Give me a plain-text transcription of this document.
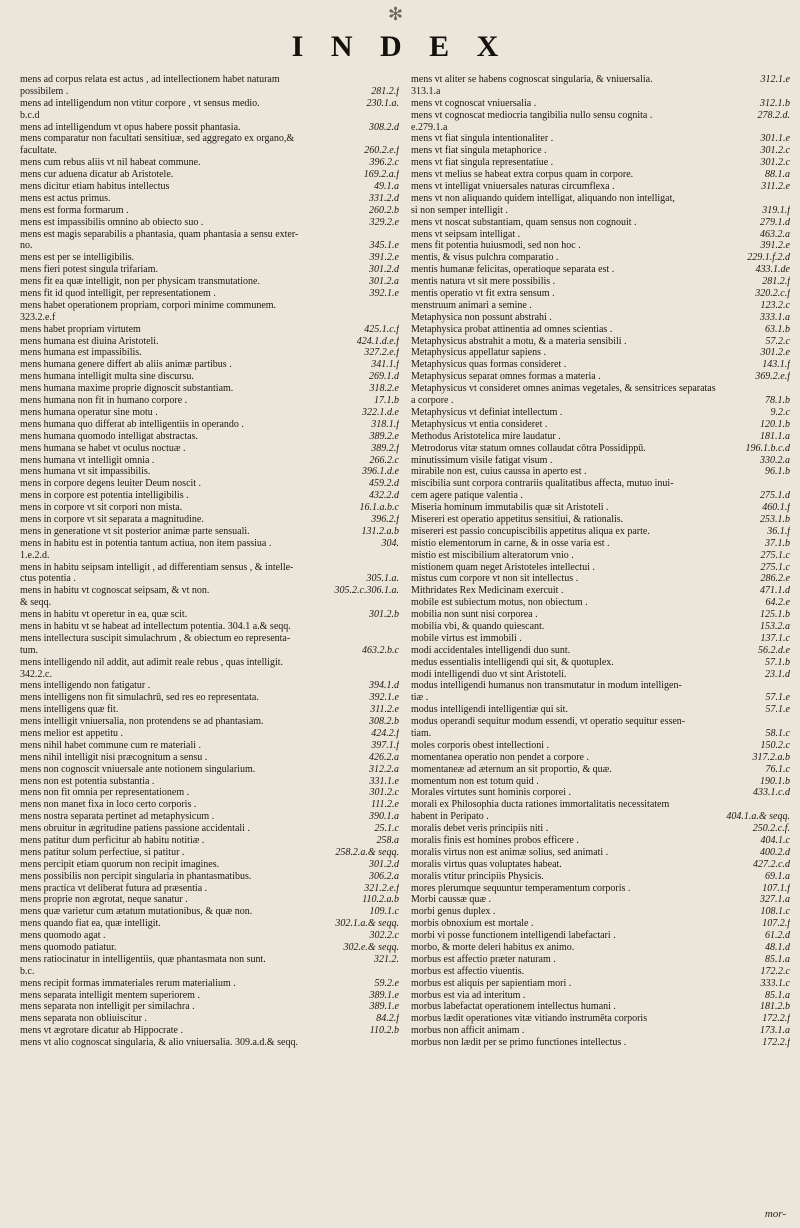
✻
I N D E X
mens ad corpus relata est actus , ad intellectionem habet naturam
possibilem .	281.2.f
mens ad intelligendum non vtitur corpore , vt sensus medio.	230.1.a.
b.c.d
mens ad intelligendum vt opus habere possit phantasia.	308.2.d
mens comparatur non facultati sensitiuæ, sed aggregato ex organo,&
facultate.	260.2.e.f
mens cum rebus aliis vt nil habeat commune.	396.2.c
mens cur aduena dicatur ab Aristotele.	169.2.a.f
mens dicitur etiam habitus intellectus	49.1.a
mens est actus primus.	331.2.d
mens est forma formarum .	260.2.b
mens est impassibilis omnino ab obiecto suo .	329.2.e
mens est magis separabilis a phantasia, quam phantasia a sensu exter-
no.	345.1.e
mens est per se intelligibilis.	391.2.e
mens fieri potest singula trifariam.	301.2.d
mens fit ea quæ intelligit, non per physicam transmutatione.	301.2.a
mens fit id quod intelligit, per representationem .	392.1.e
mens habet operationem propriam, corpori minime communem.
323.2.e.f
mens habet propriam virtutem	425.1.c.f
mens humana est diuina Aristoteli.	424.1.d.e.f
mens humana est impassibilis.	327.2.e.f
mens humana genere differt ab aliis animæ partibus .	341.1.f
mens humana intelligit multa sine discursu.	269.1.d
mens humana maxime proprie dignoscit substantiam.	318.2.e
mens humana non fit in humano corpore .	17.1.b
mens humana operatur sine motu .	322.1.d.e
mens humana quo differat ab intelligentiis in operando .	318.1.f
mens humana quomodo intelligat abstractas.	389.2.e
mens humana se habet vt oculus noctuæ .	389.2.f
mens humana vt intelligit omnia .	266.2.c
mens humana vt sit impassibilis.	396.1.d.e
mens in corpore degens leuiter Deum noscit .	459.2.d
mens in corpore est potentia intelligibilis .	432.2.d
mens in corpore vt sit corpori non mista.	16.1.a.b.c
mens in corpore vt sit separata a magnitudine.	396.2.f
mens in generatione vt sit posterior animæ parte sensuali.	131.2.a.b
mens in habitu est in potentia tantum actiua, non item passiua .	304.
1.e.2.d.
mens in habitu seipsam intelligit , ad differentiam sensus , & intelle-
ctus potentia .	305.1.a.
mens in habitu vt cognoscat seipsam, & vt non.	305.2.c.306.1.a.
& seqq.
mens in habitu vt operetur in ea, quæ scit.	301.2.b
mens in habitu vt se habeat ad intellectum potentia. 304.1 a.& seqq.
mens intellectura suscipit simulachrum , & obiectum eo representa-
tum.	463.2.b.c
mens intelligendo nil addit, aut adimit reale rebus , quas intelligit.
342.2.c.
mens intelligendo non fatigatur .	394.1.d
mens intelligens non fit simulachrū, sed res eo representata.	392.1.e
mens intelligens quæ fit.	311.2.e
mens intelligit vniuersalia, non protendens se ad phantasiam.	308.2.b
mens melior est appetitu .	424.2.f
mens nihil habet commune cum re materiali .	397.1.f
mens nihil intelligit nisi præcognitum a sensu .	426.2.a
mens non cognoscit vniuersale ante notionem singularium.	312.2.a
mens non est potentia substantia .	331.1.e
mens non fit omnia per representationem .	301.2.c
mens non manet fixa in loco certo corporis .	111.2.e
mens nostra separata pertinet ad metaphysicum .	390.1.a
mens obruitur in ægritudine patiens passione accidentali .	25.1.c
mens patitur dum perficitur ab habitu notitiæ .	258.a
mens patitur solum perfectiue, si patitur .	258.2.a.& seqq.
mens percipit etiam quorum non recipit imagines.	301.2.d
mens possibilis non percipit singularia in phantasmatibus.	306.2.a
mens practica vt deliberat futura ad præsentia .	321.2.e.f
mens proprie non ægrotat, neque sanatur .	110.2.a.b
mens quæ varietur cum ætatum mutationibus, & quæ non.	109.1.c
mens quando fiat ea, quæ intelligit.	302.1.a.& seqq.
mens quomodo agat .	302.2.c
mens quomodo patiatur.	302.e.& seqq.
mens ratiocinatur in intelligentiis, quæ phantasmata non sunt.	321.2.
b.c.
mens recipit formas immateriales rerum materialium .	59.2.e
mens separata intelligit mentem superiorem .	389.1.e
mens separata non intelligit per similachra .	389.1.e
mens separata non obliuiscitur .	84.2.f
mens vt ægrotare dicatur ab Hippocrate .	110.2.b
mens vt alio cognoscat singularia, & alio vniuersalia. 309.a.d.& seqq.
mens vt aliter se habens cognoscat singularia, & vniuersalia.	312.1.e
313.1.a
mens vt cognoscat vniuersalia .	312.1.b
mens vt cognoscat mediocria tangibilia nullo sensu cognita .	278.2.d.
e.279.1.a
mens vt fiat singula intentionaliter .	301.1.e
mens vt fiat singula metaphorice .	301.2.c
mens vt fiat singula representatiue .	301.2.c
mens vt melius se habeat extra corpus quam in corpore.	88.1.a
mens vt intelligat vniuersales naturas circumflexa .	311.2.e
mens vt non aliquando quidem intelligat, aliquando non intelligat,
si non semper intelligit .	319.1.f
mens vt noscat substantiam, quam sensus non cognouit .	279.1.d
mens vt seipsam intelligat .	463.2.a
mens fit potentia huiusmodi, sed non hoc .	391.2.e
mentis, & visus pulchra comparatio .	229.1.f.2.d
mentis humanæ felicitas, operatioque separata est .	433.1.de
mentis natura vt sit mere possibilis .	281.2.f
mentis operatio vt fit extra sensum .	320.2.c.f
menstruum animari a semine .	123.2.c
Metaphysica non possunt abstrahi .	333.1.a
Metaphysica probat attinentia ad omnes scientias .	63.1.b
Metaphysicus abstrahit a motu, & a materia sensibili .	57.2.c
Metaphysicus appellatur sapiens .	301.2.e
Metaphysicus quas formas consideret .	143.1.f
Metaphysicus separat omnes formas a materia .	369.2.e.f
Metaphysicus vt consideret omnes animas vegetales, & sensitrices separatas
a corpore .	78.1.b
Metaphysicus vt definiat intellectum .	9.2.c
Metaphysicus vt entia consideret .	120.1.b
Methodus Aristotelica mire laudatur .	181.1.a
Metrodorus vitæ statum omnes collaudat cōtra Possidippū.	196.1.b.c.d
minutissimum visile fatigat visum .	330.2.a
mirabile non est, cuius caussa in aperto est .	96.1.b
miscibilia sunt corpora contrariis qualitatibus affecta, mutuo inui-
cem agere patique valentia .	275.1.d
Miseria hominum immutabilis quæ sit Aristoteli .	460.1.f
Misereri est operatio appetitus sensitiui, & rationalis.	253.1.b
misereri est passio concupiscibilis appetitus aliqua ex parte.	36.1.f
mistio elementorum in carne, & in osse varia est .	37.1.b
mistio est miscibilium alteratorum vnio .	275.1.c
mistionem quam neget Aristoteles intellectui .	275.1.c
mistus cum corpore vt non sit intellectus .	286.2.e
Mithridates Rex Medicinam exercuit .	471.1.d
mobile est subiectum motus, non obiectum .	64.2.e
mobilia non sunt nisi corporea .	125.1.b
mobilia vbi, & quando quiescant.	153.2.a
mobile virtus est immobili .	137.1.c
modi accidentales intelligendi duo sunt.	56.2.d.e
medus essentialis intelligendi qui sit, & quotuplex.	57.1.b
modi intelligendi duo vt sint Aristoteli.	23.1.d
modus intelligendi humanus non transmutatur in modum intelligen-
tiæ .	57.1.e
modus intelligendi intelligentiæ qui sit.	57.1.e
modus operandi sequitur modum essendi, vt operatio sequitur essen-
tiam.	58.1.c
moles corporis obest intellectioni .	150.2.c
momentanea operatio non pendet a corpore .	317.2.a.b
momentaneæ ad æternum an sit proportio, & quæ.	76.1.c
momentum non est totum quid .	190.1.b
Morales virtutes sunt hominis corporei .	433.1.c.d
morali ex Philosophia ducta rationes immortalitatis necessitatem
habent in Peripato .	404.1.a.& seqq.
moralis debet veris principiis niti .	250.2.c.f.
moralis finis est homines probos efficere .	404.1.c
moralis virtus non est animæ solius, sed animati .	400.2.d
moralis virtus quas voluptates habeat.	427.2.c.d
moralis vtitur principiis Physicis.	69.1.a
mores plerumque sequuntur temperamentum corporis .	107.1.f
Morbi caussæ quæ .	327.1.a
morbi genus duplex .	108.1.c
morbis obnoxium est mortale .	107.2.f
morbi vi posse functionem intelligendi labefactari .	61.2.d
morbo, & morte deleri habitus ex animo.	48.1.d
morbus est affectio præter naturam .	85.1.a
morbus est affectio viuentis.	172.2.c
morbus est aliquis per sapientiam mori .	333.1.c
morbus est via ad interitum .	85.1.a
morbus labefactat operationem intellectus humani .	181.2.b
morbus lædit operationes vitæ vitiando instrumēta corporis	172.2.f
morbus non afficit animam .	173.1.a
morbus non lædit per se primo functiones intellectus .	172.2.f
mor-
